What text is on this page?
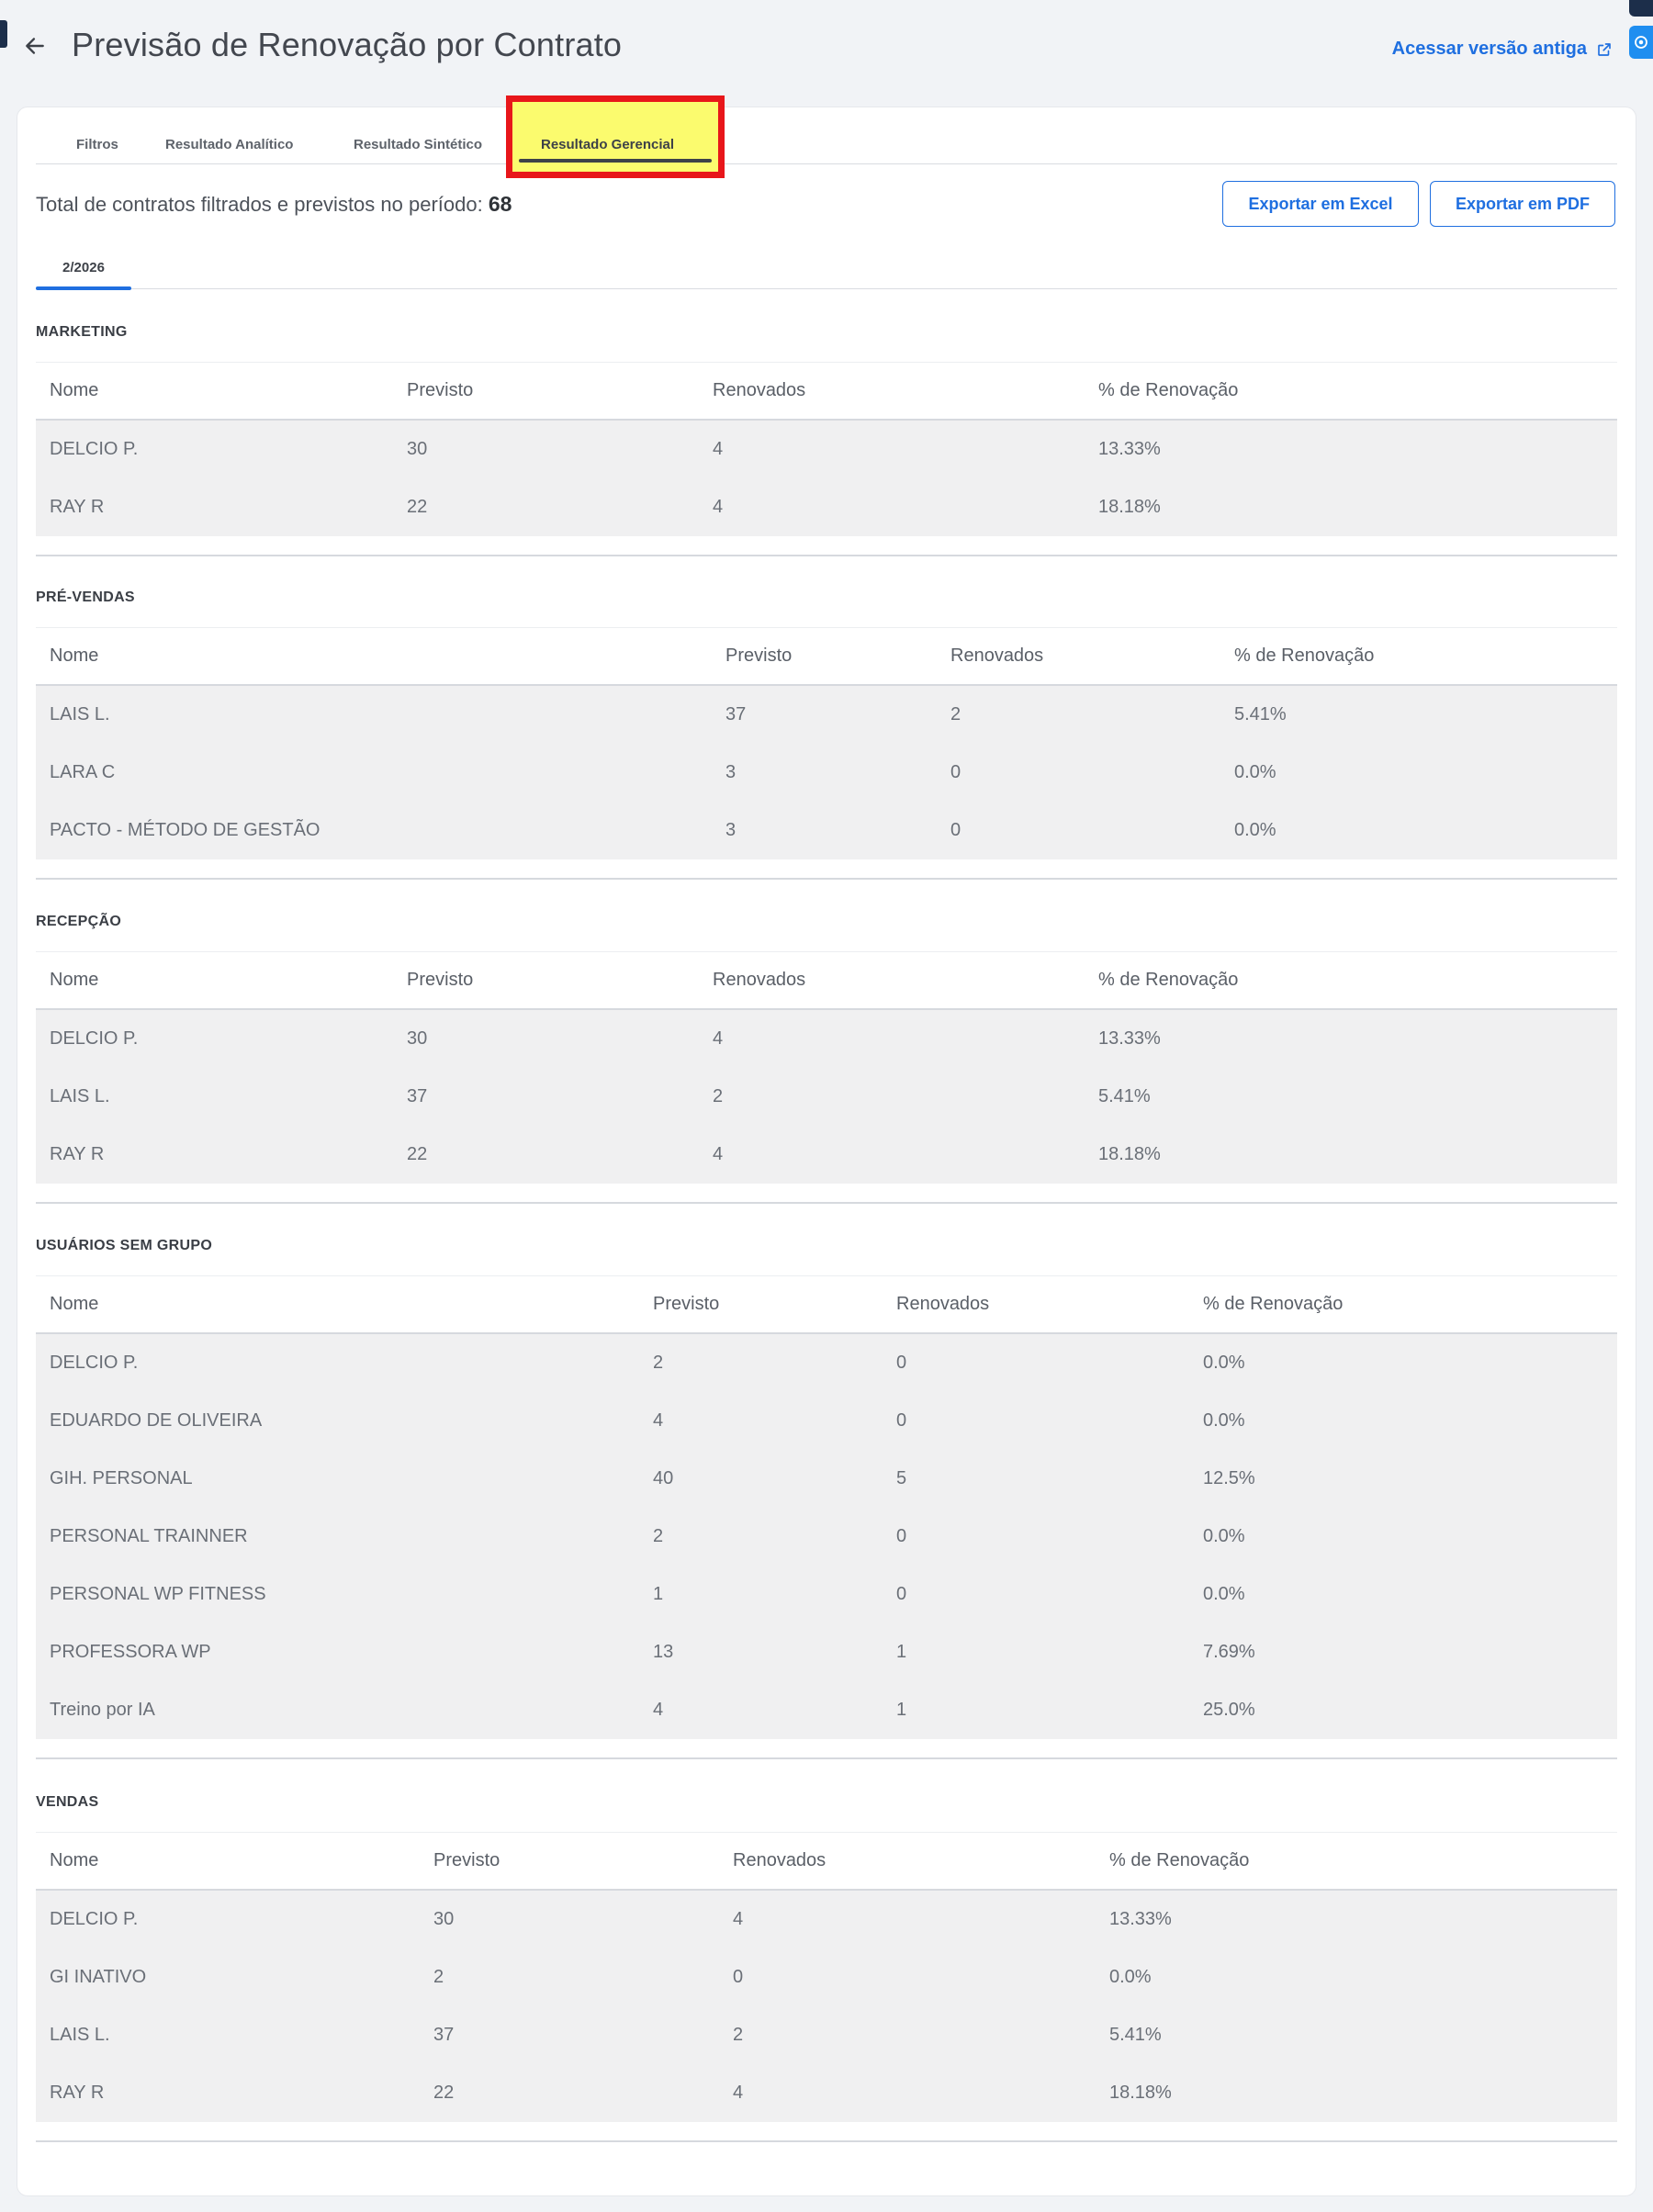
Previsão de Renovação por Contrato	Acessar versão antiga
Filtros	Resultado Analítico	Resultado Sintético	Resultado Gerencial
Total de contratos filtrados e previstos no período: 68	Exportar em Excel	Exportar em PDF
2/2026
MARKETING
Nome	Previsto	Renovados	% de Renovação
DELCIO P.	30	4	13.33%
RAY R	22	4	18.18%
PRÉ-VENDAS
Nome	Previsto	Renovados	% de Renovação
LAIS L.	37	2	5.41%
LARA C	3	0	0.0%
PACTO - MÉTODO DE GESTÃO	3	0	0.0%
RECEPÇÃO
Nome	Previsto	Renovados	% de Renovação
DELCIO P.	30	4	13.33%
LAIS L.	37	2	5.41%
RAY R	22	4	18.18%
USUÁRIOS SEM GRUPO
Nome	Previsto	Renovados	% de Renovação
DELCIO P.	2	0	0.0%
EDUARDO DE OLIVEIRA	4	0	0.0%
GIH. PERSONAL	40	5	12.5%
PERSONAL TRAINNER	2	0	0.0%
PERSONAL WP FITNESS	1	0	0.0%
PROFESSORA WP	13	1	7.69%
Treino por IA	4	1	25.0%
VENDAS
Nome	Previsto	Renovados	% de Renovação
DELCIO P.	30	4	13.33%
GI INATIVO	2	0	0.0%
LAIS L.	37	2	5.41%
RAY R	22	4	18.18%
